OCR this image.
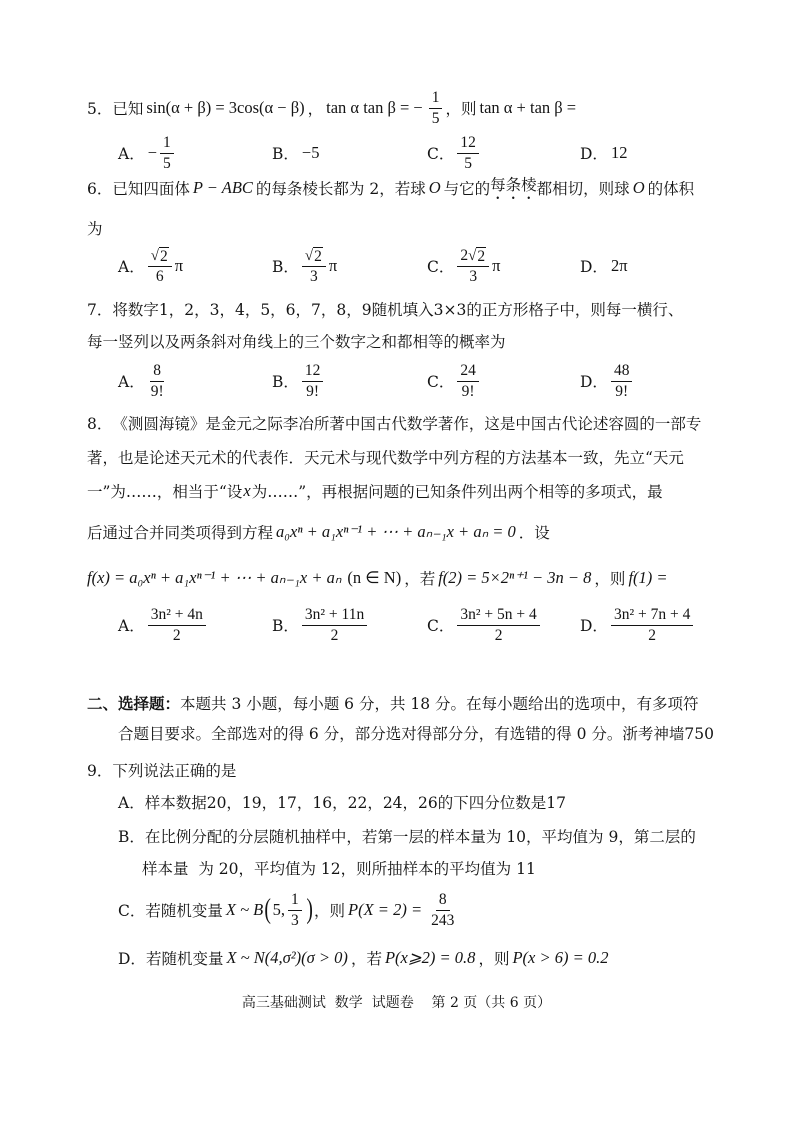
5． 已知 sin(α + β) = 3cos(α − β) ， tan α tan β = − $\frac{1}{5}$ ，则 tan α + tan β =
A． − $\frac{1}{5}$	B． −5	C． $\frac{12}{5}$	D． 12
6． 已知四面体 P − ABC 的每条棱长都为 2，若球 O 与它的 每条棱 都相切，则球 O 的体积
为
A． $\frac{√ 2}{6}$ π	B． $\frac{√ 2}{3}$ π	C． $\frac{2 √ 2}{3}$ π	D． 2π
7． 将数字1，2，3，4，5，6，7，8，9随机填入3×3的正方形格子中，则每一横行、
每一竖列以及两条斜对角线上的三个数字之和都相等的概率为
A． $\frac{8}{9!}$	B． $\frac{12}{9!}$	C． $\frac{24}{9!}$	D． $\frac{48}{9!}$
8． 《测圆海镜》是金元之际李冶所著中国古代数学著作，这是中国古代论述容圆的一部专
著，也是论述天元术的代表作．天元术与现代数学中列方程的方法基本一致，先立“天元
一”为……，相当于“设 x 为……”，再根据问题的已知条件列出两个相等的多项式，最
后通过合并同类项得到方程 a₀xⁿ + a₁xⁿ⁻¹ + ⋯ + aₙ₋₁x + aₙ = 0 ．设
f(x) = a₀xⁿ + a₁xⁿ⁻¹ + ⋯ + aₙ₋₁x + aₙ (n ∈ N) ，若 f(2) = 5×2ⁿ⁺¹ − 3n − 8 ，则 f(1) =
A． $\frac{\text{3n² + 4n}}{2}$	B． $\frac{\text{3n² + 11n}}{2}$	C． $\frac{\text{3n² + 5n + 4}}{2}$	D． $\frac{\text{3n² + 7n + 4}}{2}$
二、选择题： 本题共 3 小题，每小题 6 分，共 18 分。在每小题给出的选项中，有多项符
合题目要求。全部选对的得 6 分，部分选对得部分分，有选错的得 0 分。浙考神墙750
9． 下列说法正确的是
A． 样本数据20，19，17，16，22，24，26的下四分位数是17
B． 在比例分配的分层随机抽样中，若第一层的样本量为 10，平均值为 9，第二层的
样本量  为 20，平均值为 12，则所抽样本的平均值为 11
C． 若随机变量 X ~ B ( 5, $\frac{1}{3}$ ) ，则 $P(X = 2) = \frac{8}{243}$
D． 若随机变量 X ~ N(4,σ²)(σ > 0) ，若 P(x⩾2) = 0.8 ，则 P(x > 6) = 0.2
高三基础测试  数学  试题卷    第 2 页（共 6 页）
